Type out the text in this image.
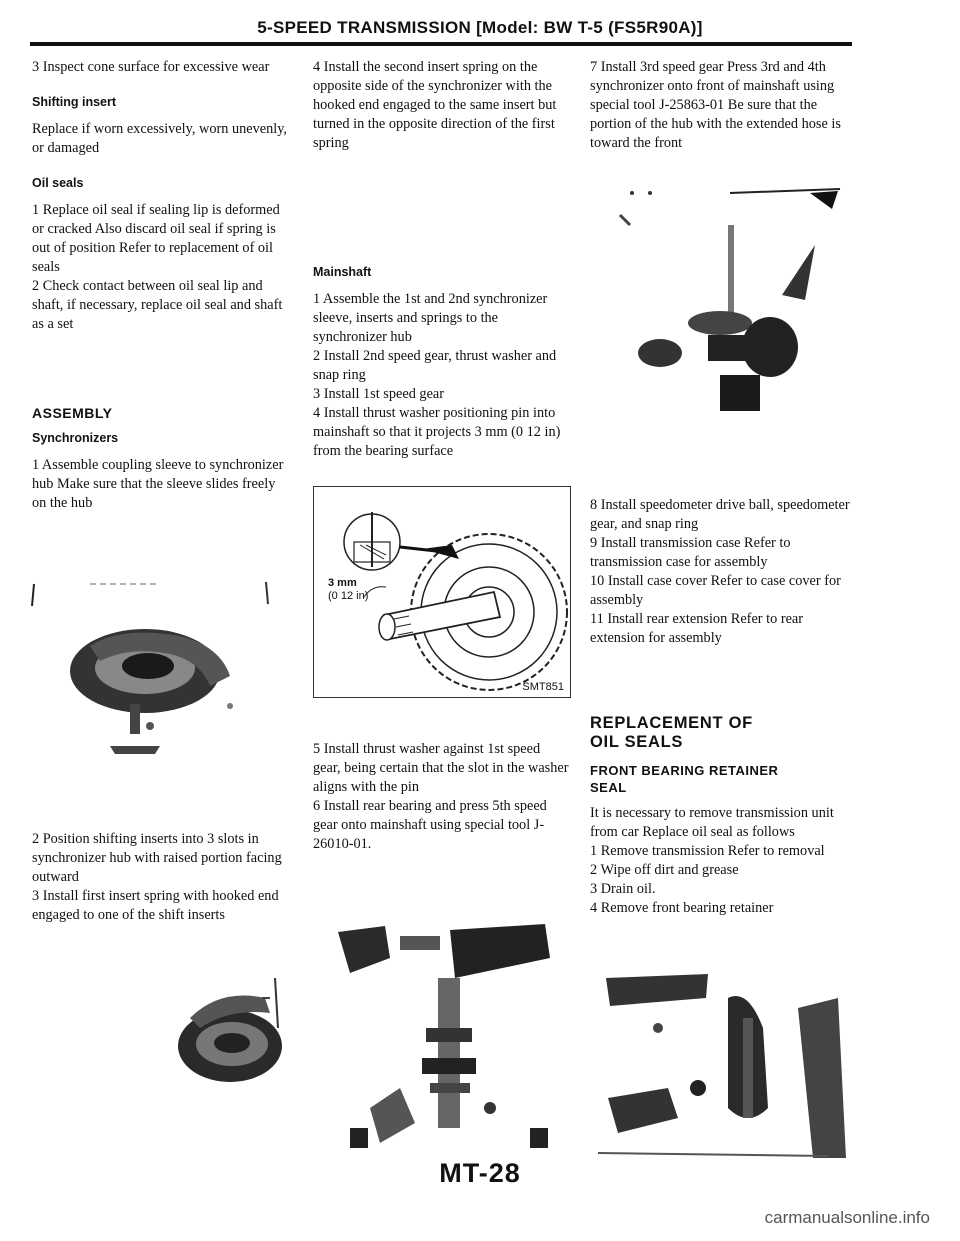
5-SPEED TRANSMISSION [Model: BW T-5 (FS5R90A)]

3 Inspect cone surface for excessive wear

Shifting insert

Replace if worn excessively, worn unevenly, or damaged

Oil seals

1 Replace oil seal if sealing lip is deformed or cracked Also discard oil seal if spring is out of position Refer to replacement of oil seals

2 Check contact between oil seal lip and shaft, if necessary, replace oil seal and shaft as a set

ASSEMBLY
Synchronizers

1 Assemble coupling sleeve to synchronizer hub Make sure that the sleeve slides freely on the hub

2 Position shifting inserts into 3 slots in synchronizer hub with raised portion facing outward

3 Install first insert spring with hooked end engaged to one of the shift inserts

4 Install the second insert spring on the opposite side of the synchronizer with the hooked end engaged to the same insert but turned in the opposite direction of the first spring

Mainshaft

1 Assemble the 1st and 2nd synchronizer sleeve, inserts and springs to the synchronizer hub

2 Install 2nd speed gear, thrust washer and snap ring

3 Install 1st speed gear

4 Install thrust washer positioning pin into mainshaft so that it projects 3 mm (0 12 in) from the bearing surface

3 mm
(0 12 in)
SMT851

5 Install thrust washer against 1st speed gear, being certain that the slot in the washer aligns with the pin

6 Install rear bearing and press 5th speed gear onto mainshaft using special tool J-26010-01.

7 Install 3rd speed gear Press 3rd and 4th synchronizer onto front of mainshaft using special tool J-25863-01 Be sure that the portion of the hub with the extended hose is toward the front

8 Install speedometer drive ball, speedometer gear, and snap ring

9 Install transmission case Refer to transmission case for assembly

10 Install case cover Refer to case cover for assembly

11 Install rear extension Refer to rear extension for assembly

REPLACEMENT OF
OIL SEALS
FRONT BEARING RETAINER
SEAL

It is necessary to remove transmission unit from car Replace oil seal as follows

1 Remove transmission Refer to removal

2 Wipe off dirt and grease

3 Drain oil.

4 Remove front bearing retainer

MT-28
carmanualsonline.info
